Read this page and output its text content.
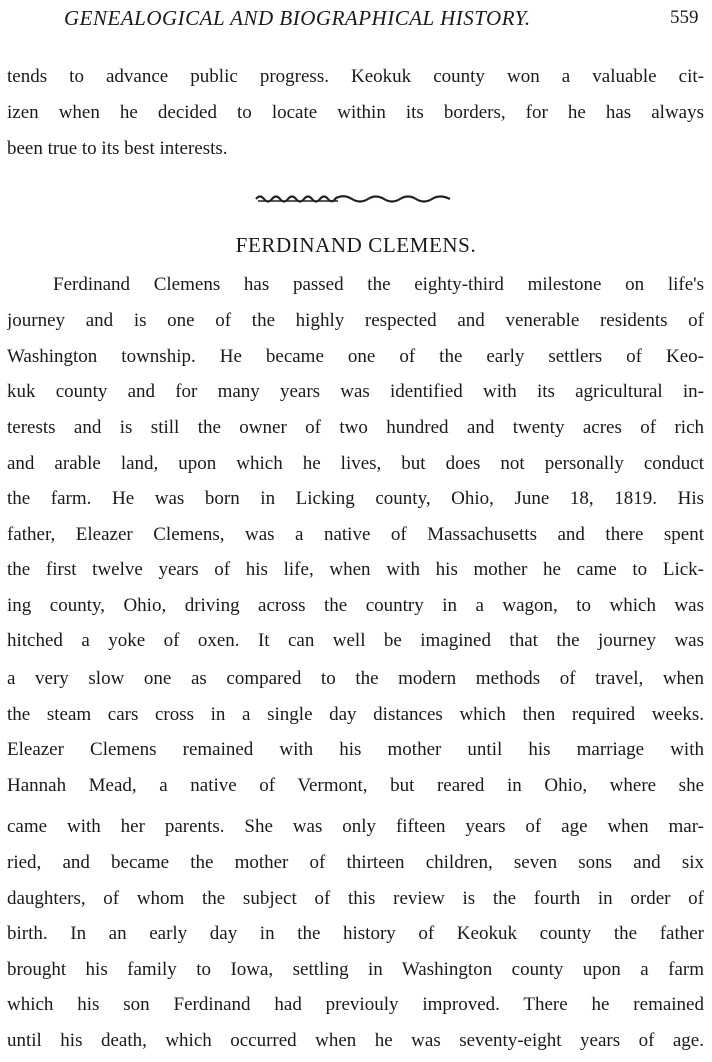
GENEALOGICAL AND BIOGRAPHICAL HISTORY.	559
tends to advance public progress. Keokuk county won a valuable cit-
izen when he decided to locate within its borders, for he has always
been true to its best interests.
FERDINAND CLEMENS.
Ferdinand Clemens has passed the eighty-third milestone on life's
journey and is one of the highly respected and venerable residents of
Washington township. He became one of the early settlers of Keo-
kuk county and for many years was identified with its agricultural in-
terests and is still the owner of two hundred and twenty acres of rich
and arable land, upon which he lives, but does not personally conduct
the farm. He was born in Licking county, Ohio, June 18, 1819. His
father, Eleazer Clemens, was a native of Massachusetts and there spent
the first twelve years of his life, when with his mother he came to Lick-
ing county, Ohio, driving across the country in a wagon, to which was
hitched a yoke of oxen. It can well be imagined that the journey was
a very slow one as compared to the modern methods of travel, when
the steam cars cross in a single day distances which then required weeks.
Eleazer Clemens remained with his mother until his marriage with
Hannah Mead, a native of Vermont, but reared in Ohio, where she
came with her parents. She was only fifteen years of age when mar-
ried, and became the mother of thirteen children, seven sons and six
daughters, of whom the subject of this review is the fourth in order of
birth. In an early day in the history of Keokuk county the father
brought his family to Iowa, settling in Washington county upon a farm
which his son Ferdinand had previouly improved. There he remained
until his death, which occurred when he was seventy-eight years of age.
